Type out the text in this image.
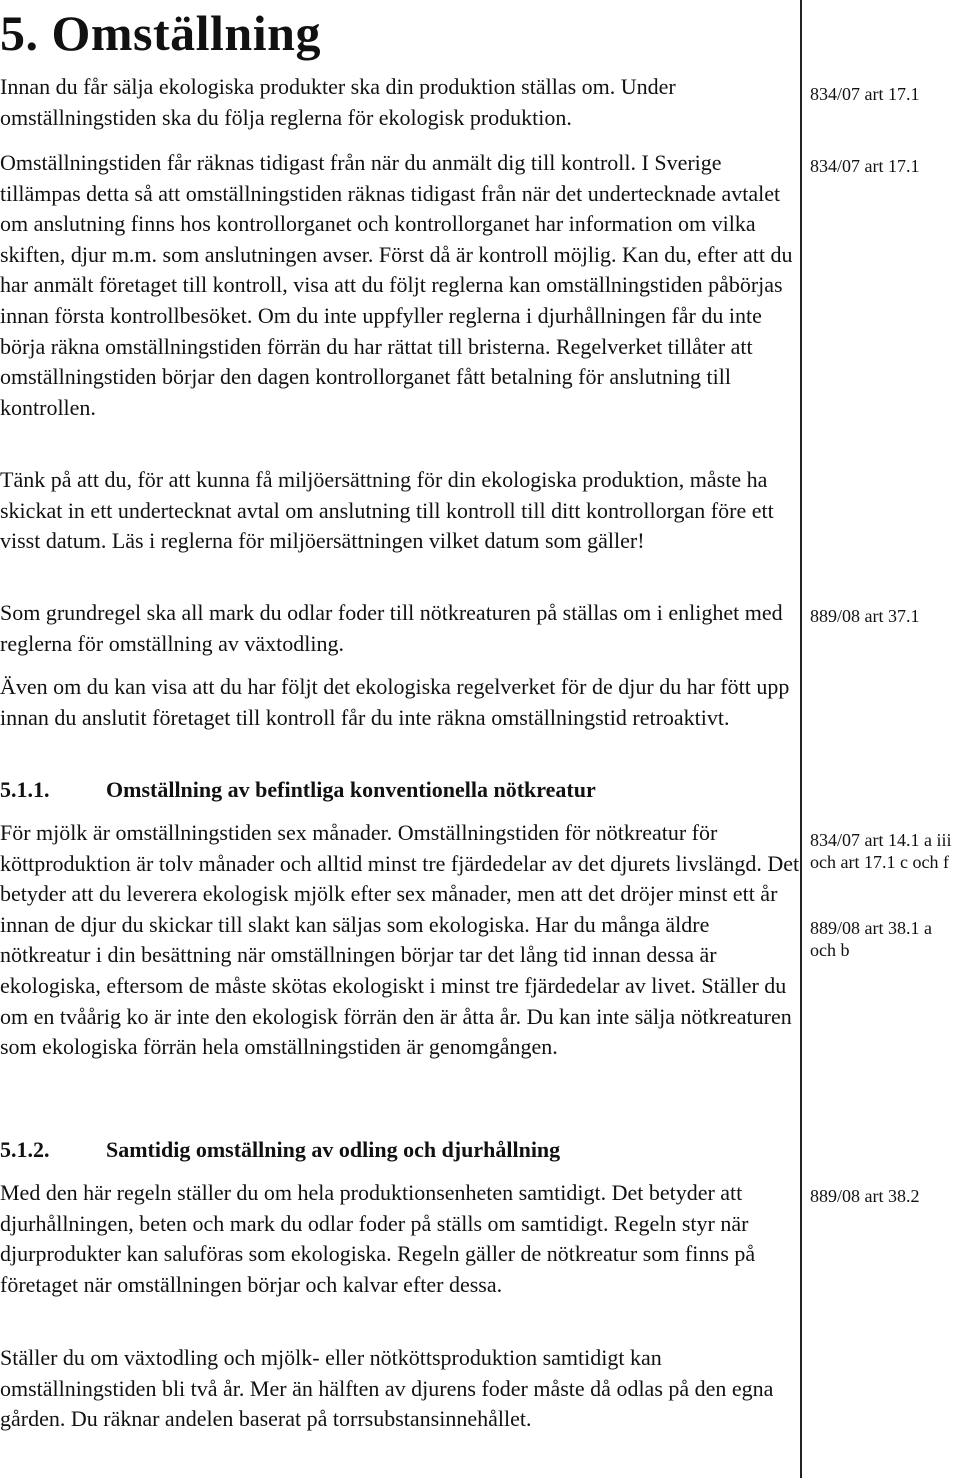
5. Omställning

Innan du får sälja ekologiska produkter ska din produktion ställas om. Under omställningstiden ska du följa reglerna för ekologisk produktion.

Omställningstiden får räknas tidigast från när du anmält dig till kontroll. I Sverige tillämpas detta så att omställningstiden räknas tidigast från när det undertecknade avtalet om anslutning finns hos kontrollorganet och kontrollorganet har information om vilka skiften, djur m.m. som anslutningen avser. Först då är kontroll möjlig. Kan du, efter att du har anmält företaget till kontroll, visa att du följt reglerna kan omställningstiden påbörjas innan första kontrollbesöket. Om du inte uppfyller reglerna i djurhållningen får du inte börja räkna omställningstiden förrän du har rättat till bristerna. Regelverket tillåter att omställningstiden börjar den dagen kontrollorganet fått betalning för anslutning till kontrollen.

Tänk på att du, för att kunna få miljöersättning för din ekologiska produktion, måste ha skickat in ett undertecknat avtal om anslutning till kontroll till ditt kontrollorgan före ett visst datum. Läs i reglerna för miljöersättningen vilket datum som gäller!

Som grundregel ska all mark du odlar foder till nötkreaturen på ställas om i enlighet med reglerna för omställning av växtodling.

Även om du kan visa att du har följt det ekologiska regelverket för de djur du har fött upp innan du anslutit företaget till kontroll får du inte räkna omställningstid retroaktivt.

5.1.1.	Omställning av befintliga konventionella nötkreatur

För mjölk är omställningstiden sex månader. Omställningstiden för nötkreatur för köttproduktion är tolv månader och alltid minst tre fjärdedelar av det djurets livslängd. Det betyder att du leverera ekologisk mjölk efter sex månader, men att det dröjer minst ett år innan de djur du skickar till slakt kan säljas som ekologiska. Har du många äldre nötkreatur i din besättning när omställningen börjar tar det lång tid innan dessa är ekologiska, eftersom de måste skötas ekologiskt i minst tre fjärdedelar av livet. Ställer du om en tvåårig ko är inte den ekologisk förrän den är åtta år. Du kan inte sälja nötkreaturen som ekologiska förrän hela omställningstiden är genomgången.

5.1.2.	Samtidig omställning av odling och djurhållning

Med den här regeln ställer du om hela produktionsenheten samtidigt. Det betyder att djurhållningen, beten och mark du odlar foder på ställs om samtidigt. Regeln styr när djurprodukter kan saluföras som ekologiska. Regeln gäller de nötkreatur som finns på företaget när omställningen börjar och kalvar efter dessa.

Ställer du om växtodling och mjölk- eller nötköttsproduktion samtidigt kan omställningstiden bli två år. Mer än hälften av djurens foder måste då odlas på den egna gården. Du räknar andelen baserat på torrsubstansinnehållet.

834/07 art 17.1

834/07 art 17.1

889/08 art 37.1

834/07 art 14.1 a iii och art 17.1 c och f

889/08 art 38.1 a och b

889/08 art 38.2
